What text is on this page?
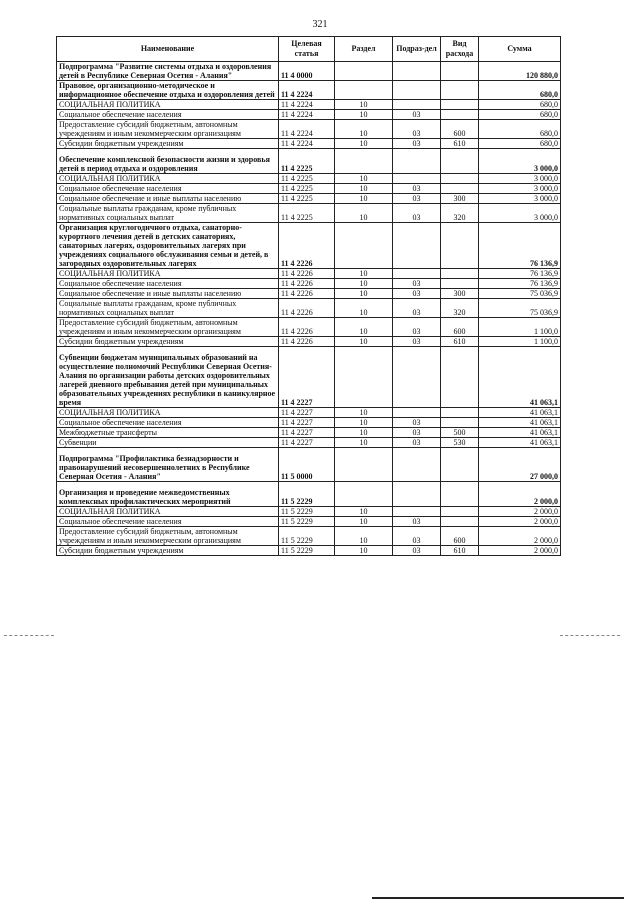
321
Наименование	Целевая статья	Раздел	Подраз-дел	Вид расхода	Сумма
Подпрограмма "Развитие системы отдыха и оздоровления детей в Республике Северная Осетия - Алания"	11 4 0000				120 880,0
Правовое, организационно-методическое и информационное обеспечение отдыха и оздоровления детей	11 4 2224				680,0
СОЦИАЛЬНАЯ ПОЛИТИКА	11 4 2224	10			680,0
Социальное обеспечение населения	11 4 2224	10	03		680,0
Предоставление субсидий бюджетным, автономным учреждениям и иным некоммерческим организациям	11 4 2224	10	03	600	680,0
Субсидии бюджетным учреждениям	11 4 2224	10	03	610	680,0
Обеспечение комплексной безопасности жизни и здоровья детей в период отдыха и оздоровления	11 4 2225				3 000,0
СОЦИАЛЬНАЯ ПОЛИТИКА	11 4 2225	10			3 000,0
Социальное обеспечение населения	11 4 2225	10	03		3 000,0
Социальное обеспечение и иные выплаты населению	11 4 2225	10	03	300	3 000,0
Социальные выплаты гражданам, кроме публичных нормативных социальных выплат	11 4 2225	10	03	320	3 000,0
Организация круглогодичного отдыха, санаторно-курортного лечения детей в детских санаториях, санаторных лагерях, оздоровительных лагерях при учреждениях социального обслуживания семьи и детей, в загородных оздоровительных лагерях	11 4 2226				76 136,9
СОЦИАЛЬНАЯ ПОЛИТИКА	11 4 2226	10			76 136,9
Социальное обеспечение населения	11 4 2226	10	03		76 136,9
Социальное обеспечение и иные выплаты населению	11 4 2226	10	03	300	75 036,9
Социальные выплаты гражданам, кроме публичных нормативных социальных выплат	11 4 2226	10	03	320	75 036,9
Предоставление субсидий бюджетным, автономным учреждениям и иным некоммерческим организациям	11 4 2226	10	03	600	1 100,0
Субсидии бюджетным учреждениям	11 4 2226	10	03	610	1 100,0
Субвенции бюджетам муниципальных образований на осуществление полномочий Республики Северная Осетия-Алания по организации работы детских оздоровительных лагерей дневного пребывания детей при муниципальных образовательных учреждениях республики в каникулярное время	11 4 2227				41 063,1
СОЦИАЛЬНАЯ ПОЛИТИКА	11 4 2227	10			41 063,1
Социальное обеспечение населения	11 4 2227	10	03		41 063,1
Межбюджетные трансферты	11 4 2227	10	03	500	41 063,1
Субвенции	11 4 2227	10	03	530	41 063,1
Подпрограмма "Профилактика безнадзорности и правонарушений несовершеннолетних в Республике Северная Осетия - Алания"	11 5 0000				27 000,0
Организация и проведение межведомственных комплексных профилактических мероприятий	11 5 2229				2 000,0
СОЦИАЛЬНАЯ ПОЛИТИКА	11 5 2229	10			2 000,0
Социальное обеспечение населения	11 5 2229	10	03		2 000,0
Предоставление субсидий бюджетным, автономным учреждениям и иным некоммерческим организациям	11 5 2229	10	03	600	2 000,0
Субсидии бюджетным учреждениям	11 5 2229	10	03	610	2 000,0
